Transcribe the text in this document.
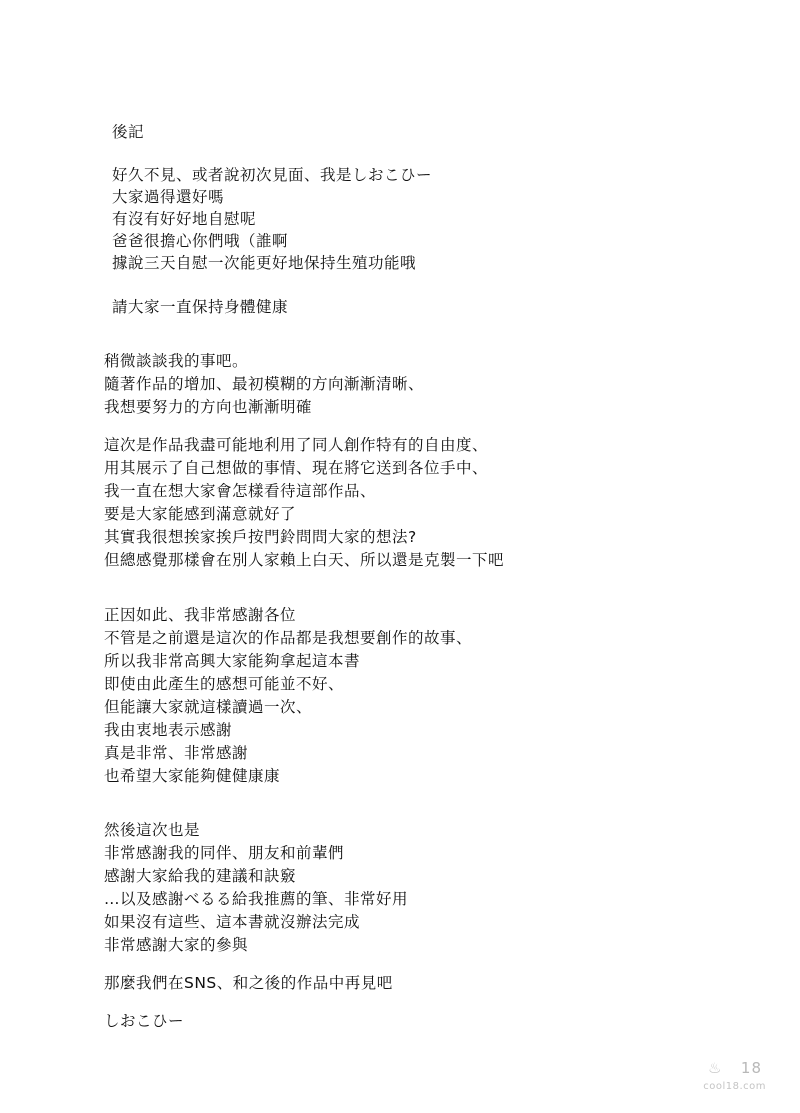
後記
好久不見、或者說初次見面、我是しおこひー
大家過得還好嗎
有沒有好好地自慰呢
爸爸很擔心你們哦（誰啊
據說三天自慰一次能更好地保持生殖功能哦
請大家一直保持身體健康
稍微談談我的事吧。
隨著作品的增加、最初模糊的方向漸漸清晰、
我想要努力的方向也漸漸明確
這次是作品我盡可能地利用了同人創作特有的自由度、
用其展示了自己想做的事情、現在將它送到各位手中、
我一直在想大家會怎樣看待這部作品、
要是大家能感到滿意就好了
其實我很想挨家挨戶按門鈴問問大家的想法?
但總感覺那樣會在別人家賴上白天、所以還是克製一下吧
正因如此、我非常感謝各位
不管是之前還是這次的作品都是我想要創作的故事、
所以我非常高興大家能夠拿起這本書
即使由此產生的感想可能並不好、
但能讓大家就這樣讀過一次、
我由衷地表示感謝
真是非常、非常感謝
也希望大家能夠健健康康
然後這次也是
非常感謝我的同伴、朋友和前輩們
感謝大家給我的建議和訣竅
…以及感謝べるる給我推薦的筆、非常好用
如果沒有這些、這本書就沒辦法完成
非常感謝大家的參與
那麼我們在SNS、和之後的作品中再見吧
しおこひー
♨ 18
cool18.com
